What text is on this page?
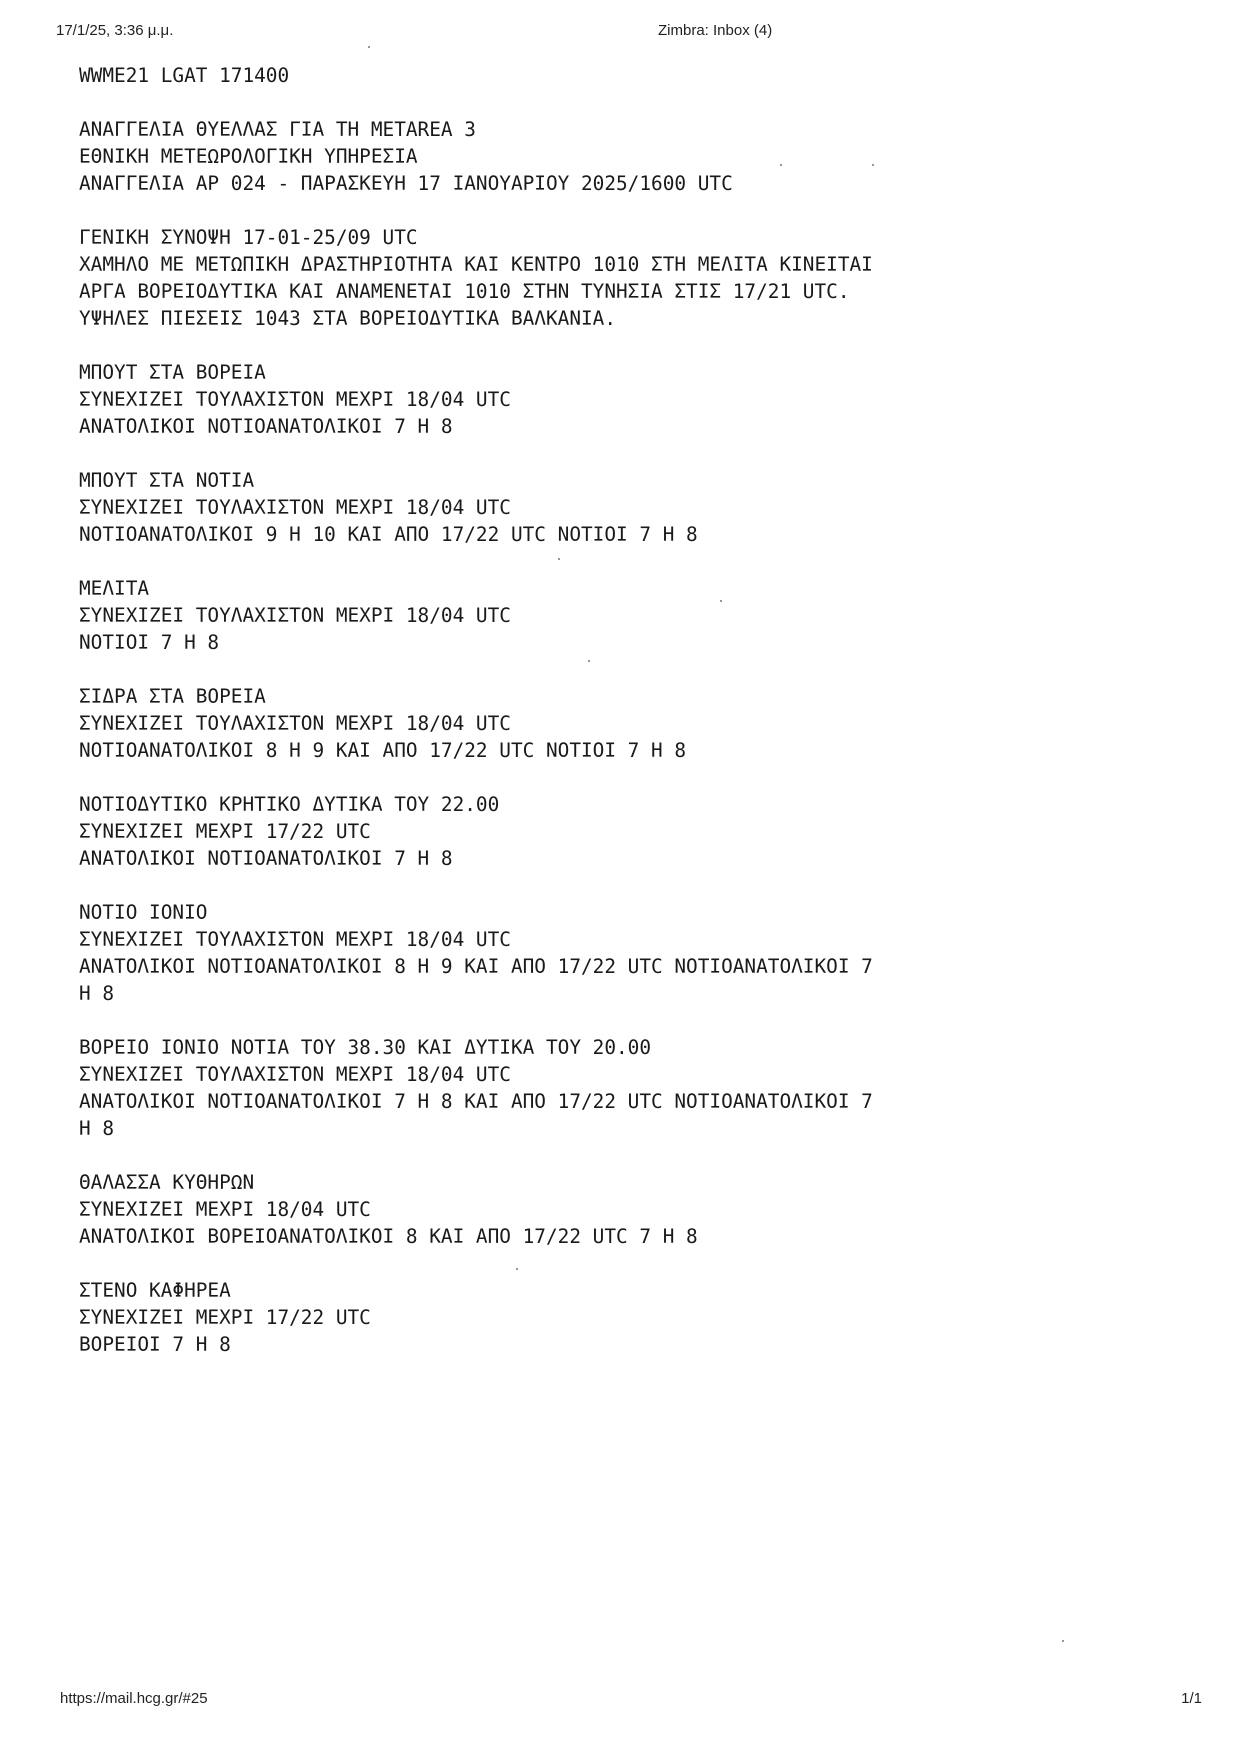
17/1/25, 3:36 μ.μ.	Zimbra: Inbox (4)
WWME21 LGAT 171400
ΑΝΑΓΓΕΛΙΑ ΘΥΕΛΛΑΣ ΓΙΑ ΤΗ METAREA 3
ΕΘΝΙΚΗ ΜΕΤΕΩΡΟΛΟΓΙΚΗ ΥΠΗΡΕΣΙΑ
ΑΝΑΓΓΕΛΙΑ ΑΡ 024 - ΠΑΡΑΣΚΕΥΗ 17 ΙΑΝΟΥΑΡΙΟΥ 2025/1600 UTC
ΓΕΝΙΚΗ ΣΥΝΟΨΗ 17-01-25/09 UTC
ΧΑΜΗΛΟ ΜΕ ΜΕΤΩΠΙΚΗ ΔΡΑΣΤΗΡΙΟΤΗΤΑ ΚΑΙ ΚΕΝΤΡΟ 1010 ΣΤΗ ΜΕΛΙΤΑ ΚΙΝΕΙΤΑΙ
ΑΡΓΑ ΒΟΡΕΙΟΔΥΤΙΚΑ ΚΑΙ ΑΝΑΜΕΝΕΤΑΙ 1010 ΣΤΗΝ ΤΥΝΗΣΙΑ ΣΤΙΣ 17/21 UTC.
ΥΨΗΛΕΣ ΠΙΕΣΕΙΣ 1043 ΣΤΑ ΒΟΡΕΙΟΔΥΤΙΚΑ ΒΑΛΚΑΝΙΑ.
ΜΠΟΥΤ ΣΤΑ ΒΟΡΕΙΑ
ΣΥΝΕΧΙΖΕΙ ΤΟΥΛΑΧΙΣΤΟΝ ΜΕΧΡΙ 18/04 UTC
ΑΝΑΤΟΛΙΚΟΙ ΝΟΤΙΟΑΝΑΤΟΛΙΚΟΙ 7 Η 8
ΜΠΟΥΤ ΣΤΑ ΝΟΤΙΑ
ΣΥΝΕΧΙΖΕΙ ΤΟΥΛΑΧΙΣΤΟΝ ΜΕΧΡΙ 18/04 UTC
ΝΟΤΙΟΑΝΑΤΟΛΙΚΟΙ 9 Η 10 ΚΑΙ ΑΠΟ 17/22 UTC ΝΟΤΙΟΙ 7 Η 8
ΜΕΛΙΤΑ
ΣΥΝΕΧΙΖΕΙ ΤΟΥΛΑΧΙΣΤΟΝ ΜΕΧΡΙ 18/04 UTC
ΝΟΤΙΟΙ 7 Η 8
ΣΙΔΡΑ ΣΤΑ ΒΟΡΕΙΑ
ΣΥΝΕΧΙΖΕΙ ΤΟΥΛΑΧΙΣΤΟΝ ΜΕΧΡΙ 18/04 UTC
ΝΟΤΙΟΑΝΑΤΟΛΙΚΟΙ 8 Η 9 ΚΑΙ ΑΠΟ 17/22 UTC ΝΟΤΙΟΙ 7 Η 8
ΝΟΤΙΟΔΥΤΙΚΟ ΚΡΗΤΙΚΟ ΔΥΤΙΚΑ ΤΟΥ 22.00
ΣΥΝΕΧΙΖΕΙ ΜΕΧΡΙ 17/22 UTC
ΑΝΑΤΟΛΙΚΟΙ ΝΟΤΙΟΑΝΑΤΟΛΙΚΟΙ 7 Η 8
ΝΟΤΙΟ ΙΟΝΙΟ
ΣΥΝΕΧΙΖΕΙ ΤΟΥΛΑΧΙΣΤΟΝ ΜΕΧΡΙ 18/04 UTC
ΑΝΑΤΟΛΙΚΟΙ ΝΟΤΙΟΑΝΑΤΟΛΙΚΟΙ 8 Η 9 ΚΑΙ ΑΠΟ 17/22 UTC ΝΟΤΙΟΑΝΑΤΟΛΙΚΟΙ 7
Η 8
ΒΟΡΕΙΟ ΙΟΝΙΟ ΝΟΤΙΑ ΤΟΥ 38.30 ΚΑΙ ΔΥΤΙΚΑ ΤΟΥ 20.00
ΣΥΝΕΧΙΖΕΙ ΤΟΥΛΑΧΙΣΤΟΝ ΜΕΧΡΙ 18/04 UTC
ΑΝΑΤΟΛΙΚΟΙ ΝΟΤΙΟΑΝΑΤΟΛΙΚΟΙ 7 Η 8 ΚΑΙ ΑΠΟ 17/22 UTC ΝΟΤΙΟΑΝΑΤΟΛΙΚΟΙ 7
Η 8
ΘΑΛΑΣΣΑ ΚΥΘΗΡΩΝ
ΣΥΝΕΧΙΖΕΙ ΜΕΧΡΙ 18/04 UTC
ΑΝΑΤΟΛΙΚΟΙ ΒΟΡΕΙΟΑΝΑΤΟΛΙΚΟΙ 8 ΚΑΙ ΑΠΟ 17/22 UTC 7 Η 8
ΣΤΕΝΟ ΚΑΦΗΡΕΑ
ΣΥΝΕΧΙΖΕΙ ΜΕΧΡΙ 17/22 UTC
ΒΟΡΕΙΟΙ 7 Η 8
https://mail.hcg.gr/#25	1/1
